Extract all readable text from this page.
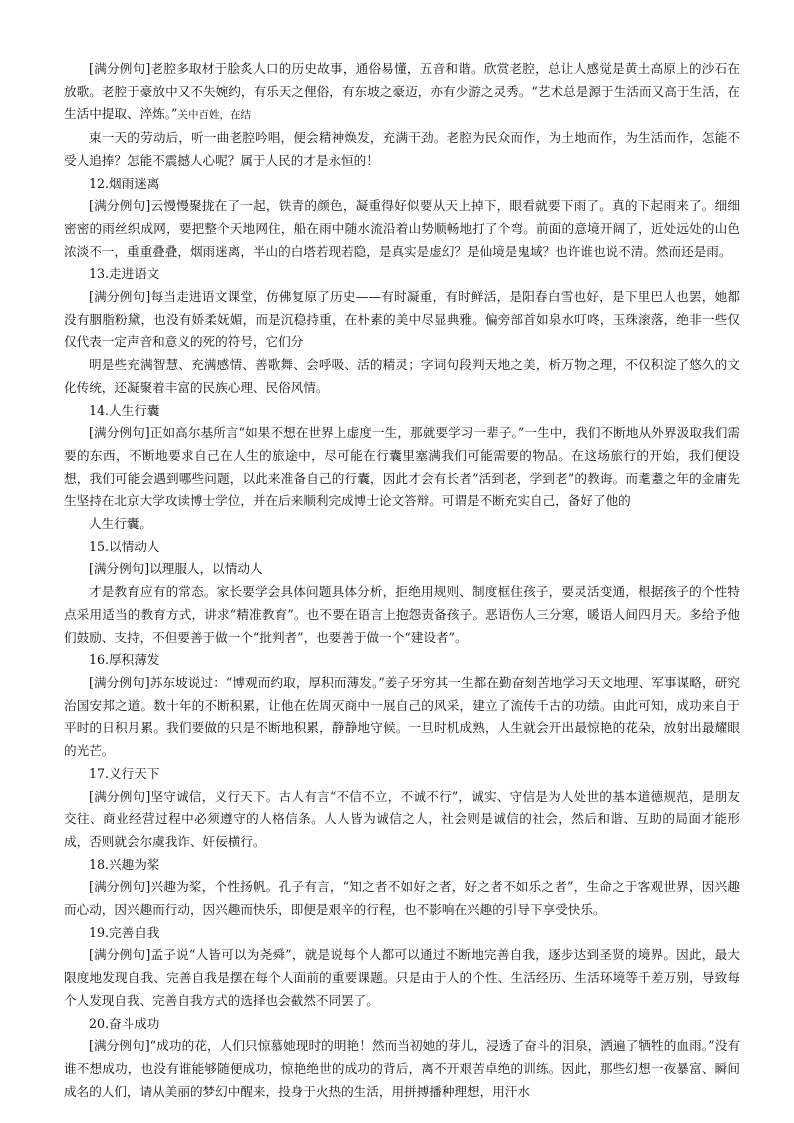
[满分例句]老腔多取材于脍炙人口的历史故事，通俗易懂，五音和谐。欣赏老腔，总让人感觉是黄土高原上的沙石在放歌。老腔于豪放中又不失婉约，有乐天之俚俗，有东坡之豪迈，亦有少游之灵秀。“艺术总是源于生活而又高于生活，在生活中提取、淬炼。”关中百姓，在结

束一天的劳动后，听一曲老腔吟唱，便会精神焕发，充满干劲。老腔为民众而作，为土地而作，为生活而作，怎能不受人追捧？怎能不震撼人心呢？属于人民的才是永恒的！

12.烟雨迷离

[满分例句]云慢慢聚拢在了一起，铁青的颜色，凝重得好似要从天上掉下，眼看就要下雨了。真的下起雨来了。细细密密的雨丝织成网，要把整个天地网住，船在雨中随水流沿着山势顺畅地打了个弯。前面的意境开阔了，近处远处的山色浓淡不一，重重叠叠，烟雨迷离，半山的白塔若现若隐，是真实是虚幻？是仙境是鬼域？也许谁也说不清。然而还是雨。

13.走进语文

[满分例句]每当走进语文课堂，仿佛复原了历史——有时凝重，有时鲜活，是阳春白雪也好，是下里巴人也罢，她都没有胭脂粉黛，也没有娇柔妩媚，而是沉稳持重，在朴素的美中尽显典雅。偏旁部首如泉水叮咚，玉珠滚落，绝非一些仅仅代表一定声音和意义的死的符号，它们分

明是些充满智慧、充满感情、善歌舞、会呼吸、活的精灵；字词句段判天地之美，析万物之理，不仅积淀了悠久的文化传统，还凝聚着丰富的民族心理、民俗风情。

14.人生行囊

[满分例句]正如高尔基所言“如果不想在世界上虚度一生，那就要学习一辈子。”一生中，我们不断地从外界汲取我们需要的东西，不断地要求自己在人生的旅途中，尽可能在行囊里塞满我们可能需要的物品。在这场旅行的开始，我们便设想，我们可能会遇到哪些问题，以此来准备自己的行囊，因此才会有长者“活到老，学到老”的教诲。而耄耋之年的金庸先生坚持在北京大学攻读博士学位，并在后来顺利完成博士论文答辩。可谓是不断充实自己，备好了他的

人生行囊。

15.以情动人

[满分例句]以理服人，以情动人

才是教育应有的常态。家长要学会具体问题具体分析，拒绝用规则、制度框住孩子，要灵活变通，根据孩子的个性特点采用适当的教育方式，讲求“精准教育”。也不要在语言上抱怨责备孩子。恶语伤人三分寒，暖语人间四月天。多给予他们鼓励、支持，不但要善于做一个“批判者”，也要善于做一个“建设者”。

16.厚积薄发

[满分例句]苏东坡说过：“博观而约取，厚积而薄发。”姜子牙穷其一生都在勤奋刻苦地学习天文地理、军事谋略，研究治国安邦之道。数十年的不断积累，让他在佐周灭商中一展自己的风采，建立了流传千古的功绩。由此可知，成功来自于平时的日积月累。我们要做的只是不断地积累，静静地守候。一旦时机成熟，人生就会开出最惊艳的花朵，放射出最耀眼的光芒。

17.义行天下

[满分例句]坚守诚信，义行天下。古人有言“不信不立，不诚不行”，诚实、守信是为人处世的基本道德规范，是朋友交往、商业经营过程中必须遵守的人格信条。人人皆为诚信之人，社会则是诚信的社会，然后和谐、互助的局面才能形成，否则就会尔虞我诈、奸佞横行。

18.兴趣为桨

[满分例句]兴趣为桨，个性扬帆。孔子有言，“知之者不如好之者，好之者不如乐之者”，生命之于客观世界，因兴趣而心动，因兴趣而行动，因兴趣而快乐，即便是艰辛的行程，也不影响在兴趣的引导下享受快乐。

19.完善自我

[满分例句]孟子说“人皆可以为尧舜”，就是说每个人都可以通过不断地完善自我，逐步达到圣贤的境界。因此，最大限度地发现自我、完善自我是摆在每个人面前的重要课题。只是由于人的个性、生活经历、生活环境等千差万别，导致每个人发现自我、完善自我方式的选择也会截然不同罢了。

20.奋斗成功

[满分例句]“成功的花，人们只惊慕她现时的明艳！然而当初她的芽儿，浸透了奋斗的泪泉，洒遍了牺牲的血雨。”没有谁不想成功，也没有谁能够随便成功，惊艳绝世的成功的背后，离不开艰苦卓绝的训练。因此，那些幻想一夜暴富、瞬间成名的人们，请从美丽的梦幻中醒来，投身于火热的生活，用拼搏播种理想，用汗水
